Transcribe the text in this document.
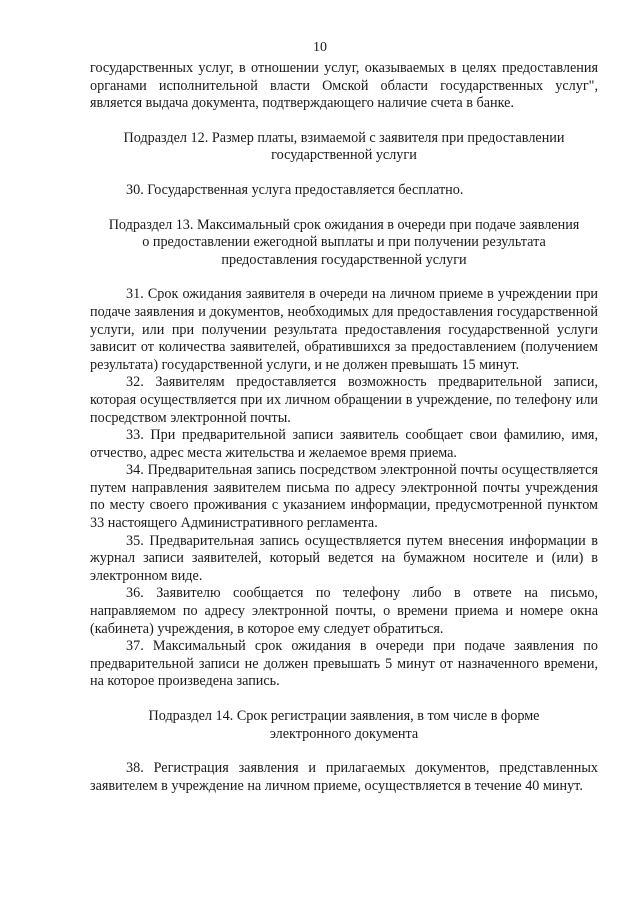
10

государственных услуг, в отношении услуг, оказываемых в целях предоставления органами исполнительной власти Омской области государственных услуг", является выдача документа, подтверждающего наличие счета в банке.

Подраздел 12. Размер платы, взимаемой с заявителя при предоставлении

государственной услуги

30. Государственная услуга предоставляется бесплатно.

Подраздел 13. Максимальный срок ожидания в очереди при подаче заявления

о предоставлении ежегодной выплаты и при получении результата

предоставления государственной услуги

31. Срок ожидания заявителя в очереди на личном приеме в учреждении при подаче заявления и документов, необходимых для предоставления государственной услуги, или при получении результата предоставления государственной услуги зависит от количества заявителей, обратившихся за предоставлением (получением результата) государственной услуги, и не должен превышать 15 минут.

32. Заявителям предоставляется возможность предварительной записи, которая осуществляется при их личном обращении в учреждение, по телефону или посредством электронной почты.

33. При предварительной записи заявитель сообщает свои фамилию, имя, отчество, адрес места жительства и желаемое время приема.

34. Предварительная запись посредством электронной почты осуществляется путем направления заявителем письма по адресу электронной почты учреждения по месту своего проживания с указанием информации, предусмотренной пунктом 33 настоящего Административного регламента.

35. Предварительная запись осуществляется путем внесения информации в журнал записи заявителей, который ведется на бумажном носителе и (или) в электронном виде.

36. Заявителю сообщается по телефону либо в ответе на письмо, направляемом по адресу электронной почты, о времени приема и номере окна (кабинета) учреждения, в которое ему следует обратиться.

37. Максимальный срок ожидания в очереди при подаче заявления по предварительной записи не должен превышать 5 минут от назначенного времени, на которое произведена запись.

Подраздел 14. Срок регистрации заявления, в том числе в форме

электронного документа

38. Регистрация заявления и прилагаемых документов, представленных заявителем в учреждение на личном приеме, осуществляется в течение 40 минут.
